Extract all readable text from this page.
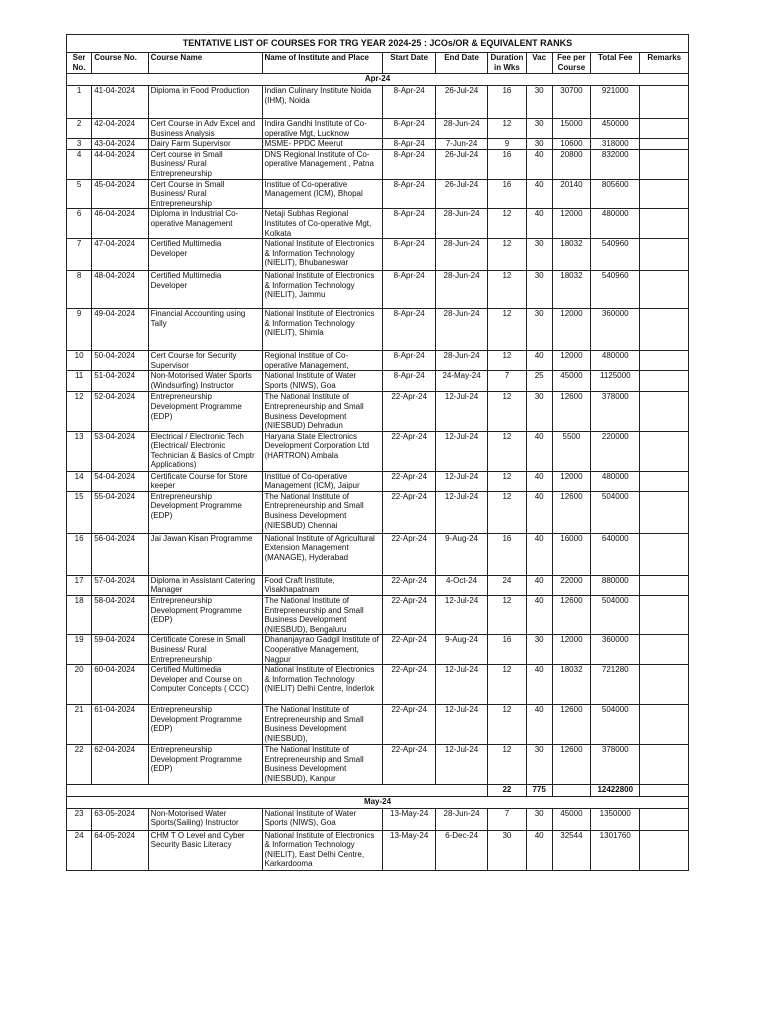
TENTATIVE LIST OF COURSES FOR TRG YEAR 2024-25 : JCOs/OR & EQUIVALENT RANKS										
Ser No.	Course No.	Course Name	Name of Institute and Place	Start Date	End Date	Duration in Wks	Vac	Fee per Course	Total Fee	Remarks
Apr-24										
1	41-04-2024	Diploma in Food Production	Indian Culinary Institute Noida (IHM), Noida	8-Apr-24	26-Jul-24	16	30	30700	921000	
2	42-04-2024	Cert Course in Adv Excel and Business Analysis	Indira Gandhi Institute of Co-operative Mgt, Lucknow	8-Apr-24	28-Jun-24	12	30	15000	450000	
3	43-04-2024	Dairy Farm Supervisor	MSME- PPDC Meerut	8-Apr-24	7-Jun-24	9	30	10600	318000	
4	44-04-2024	Cert course in Small Business/ Rural Entrepreneurship	DNS Regional Institute of Co-operative Management , Patna	8-Apr-24	26-Jul-24	16	40	20800	832000	
5	45-04-2024	Cert Course in Small Business/ Rural Entrepreneurship	Institue of Co-operative Management (ICM), Bhopal	8-Apr-24	26-Jul-24	16	40	20140	805600	
6	46-04-2024	Diploma in Industrial Co-operative Management	Netaji Subhas Regional Institutes of Co-operative Mgt, Kolkata	8-Apr-24	28-Jun-24	12	40	12000	480000	
7	47-04-2024	Certified Multimedia Developer	National Institute of Electronics & Information Technology (NIELIT), Bhubaneswar	8-Apr-24	28-Jun-24	12	30	18032	540960	
8	48-04-2024	Certified Multimedia Developer	National Institute of Electronics & Information Technology (NIELIT), Jammu	8-Apr-24	28-Jun-24	12	30	18032	540960	
9	49-04-2024	Financial Accounting using Tally	National Institute of Electronics & Information Technology (NIELIT), Shimla	8-Apr-24	28-Jun-24	12	30	12000	360000	
10	50-04-2024	Cert Course for Security Supervisor	Regional Institue of Co-operative Management,	8-Apr-24	28-Jun-24	12	40	12000	480000	
11	51-04-2024	Non-Motorised Water Sports (Windsurfing) Instructor	National Institute of Water Sports (NIWS), Goa	8-Apr-24	24-May-24	7	25	45000	1125000	
12	52-04-2024	Entrepreneurship Development Programme (EDP)	The National Institute of Entrepreneurship and Small Business Development (NIESBUD) Dehradun	22-Apr-24	12-Jul-24	12	30	12600	378000	
13	53-04-2024	Electrical / Electronic Tech (Electrical/ Electronic Technician & Basics of Cmptr Applications)	Haryana State Electronics Development Corporation Ltd (HARTRON) Ambala	22-Apr-24	12-Jul-24	12	40	5500	220000	
14	54-04-2024	Certificate Course for Store keeper	Institue of Co-operative Management (ICM), Jaipur	22-Apr-24	12-Jul-24	12	40	12000	480000	
15	55-04-2024	Entrepreneurship Development Programme (EDP)	The National Institute of Entrepreneurship and Small Business Development (NIESBUD) Chennai	22-Apr-24	12-Jul-24	12	40	12600	504000	
16	56-04-2024	Jai Jawan Kisan Programme	National Institute of Agricultural Extension Management (MANAGE), Hyderabad	22-Apr-24	9-Aug-24	16	40	16000	640000	
17	57-04-2024	Diploma in Assistant Catering Manager	Food Craft Institute, Visakhapatnam	22-Apr-24	4-Oct-24	24	40	22000	880000	
18	58-04-2024	Entrepreneurship Development Programme (EDP)	The National Institute of Entrepreneurship and Small Business Development (NIESBUD), Bengaluru	22-Apr-24	12-Jul-24	12	40	12600	504000	
19	59-04-2024	Certificate Corese in Small Business/ Rural Entrepreneurship	Dhananjayrao Gadgil Institute of Cooperative Management, Nagpur	22-Apr-24	9-Aug-24	16	30	12000	360000	
20	60-04-2024	Certified Multimedia Developer and Course on Computer Concepts ( CCC)	National Institute of Electronics & Information Technology (NIELIT) Delhi Centre, Inderlok	22-Apr-24	12-Jul-24	12	40	18032	721280	
21	61-04-2024	Entrepreneurship Development Programme (EDP)	The National Institute of Entrepreneurship and Small Business Development (NIESBUD),	22-Apr-24	12-Jul-24	12	40	12600	504000	
22	62-04-2024	Entrepreneurship Development Programme (EDP)	The National Institute of Entrepreneurship and Small Business Development (NIESBUD), Kanpur	22-Apr-24	12-Jul-24	12	30	12600	378000	
						22	775		12422800	
May-24										
23	63-05-2024	Non-Motorised Water Sports(Sailing) Instructor	National Institute of Water Sports (NIWS), Goa	13-May-24	28-Jun-24	7	30	45000	1350000	
24	64-05-2024	CHM T O Level and Cyber Security Basic Literacy	National Institute of Electronics & Information Technology (NIELIT), East Delhi Centre, Karkardooma	13-May-24	6-Dec-24	30	40	32544	1301760	
